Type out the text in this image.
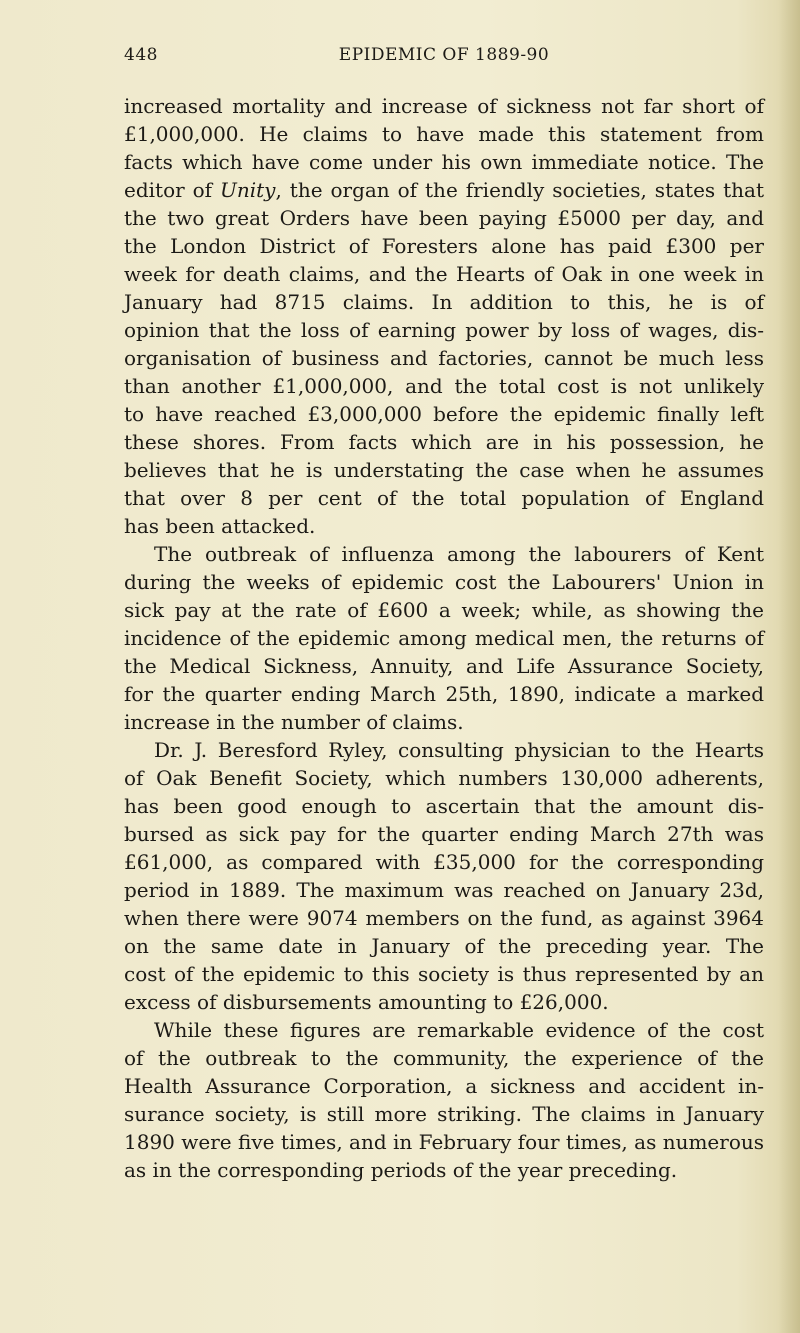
448	EPIDEMIC OF 1889-90
increased mortality and increase of sickness not far short of
£1,000,000. He claims to have made this statement from
facts which have come under his own immediate notice. The
editor of Unity, the organ of the friendly societies, states that
the two great Orders have been paying £5000 per day, and
the London District of Foresters alone has paid £300 per
week for death claims, and the Hearts of Oak in one week in
January had 8715 claims. In addition to this, he is of
opinion that the loss of earning power by loss of wages, dis-
organisation of business and factories, cannot be much less
than another £1,000,000, and the total cost is not unlikely
to have reached £3,000,000 before the epidemic finally left
these shores. From facts which are in his possession, he
believes that he is understating the case when he assumes
that over 8 per cent of the total population of England
has been attacked.
The outbreak of influenza among the labourers of Kent
during the weeks of epidemic cost the Labourers' Union in
sick pay at the rate of £600 a week; while, as showing the
incidence of the epidemic among medical men, the returns of
the Medical Sickness, Annuity, and Life Assurance Society,
for the quarter ending March 25th, 1890, indicate a marked
increase in the number of claims.
Dr. J. Beresford Ryley, consulting physician to the Hearts
of Oak Benefit Society, which numbers 130,000 adherents,
has been good enough to ascertain that the amount dis-
bursed as sick pay for the quarter ending March 27th was
£61,000, as compared with £35,000 for the corresponding
period in 1889. The maximum was reached on January 23d,
when there were 9074 members on the fund, as against 3964
on the same date in January of the preceding year. The
cost of the epidemic to this society is thus represented by an
excess of disbursements amounting to £26,000.
While these figures are remarkable evidence of the cost
of the outbreak to the community, the experience of the
Health Assurance Corporation, a sickness and accident in-
surance society, is still more striking. The claims in January
1890 were five times, and in February four times, as numerous
as in the corresponding periods of the year preceding.
